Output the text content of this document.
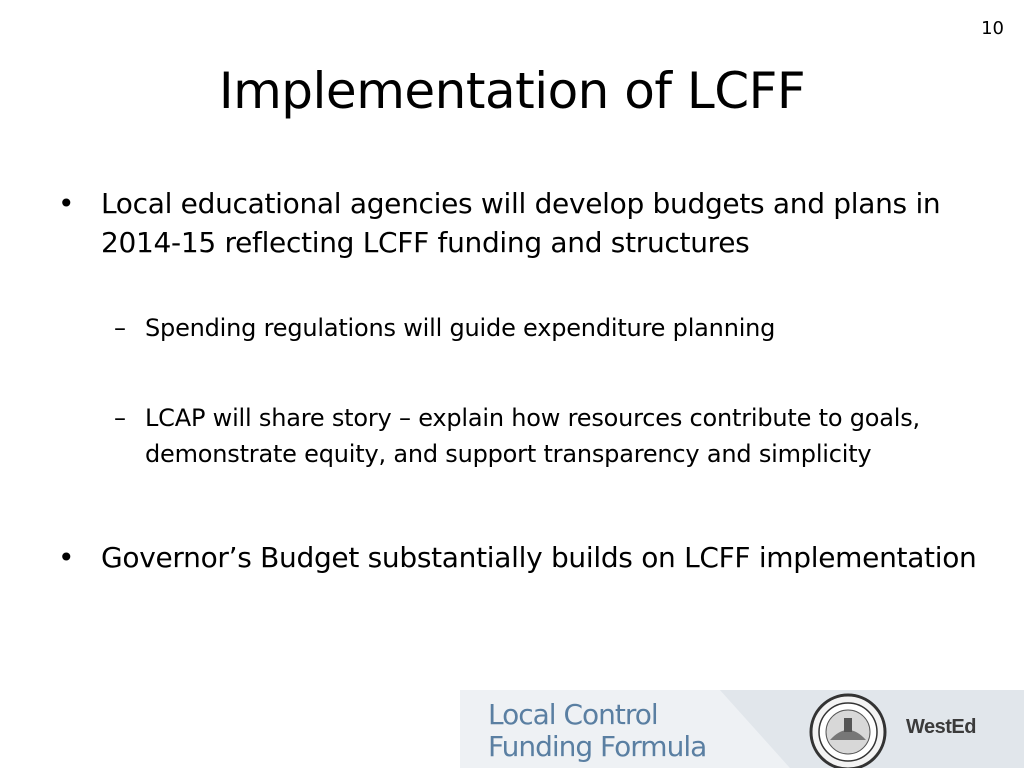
10
Implementation of LCFF
• Local educational agencies will develop budgets and plans in 2014-15 reflecting LCFF funding and structures
– Spending regulations will guide expenditure planning
– LCAP will share story – explain how resources contribute to goals, demonstrate equity, and support transparency and simplicity
• Governor’s Budget substantially builds on LCFF implementation
Local Control
Funding Formula
WestEd
